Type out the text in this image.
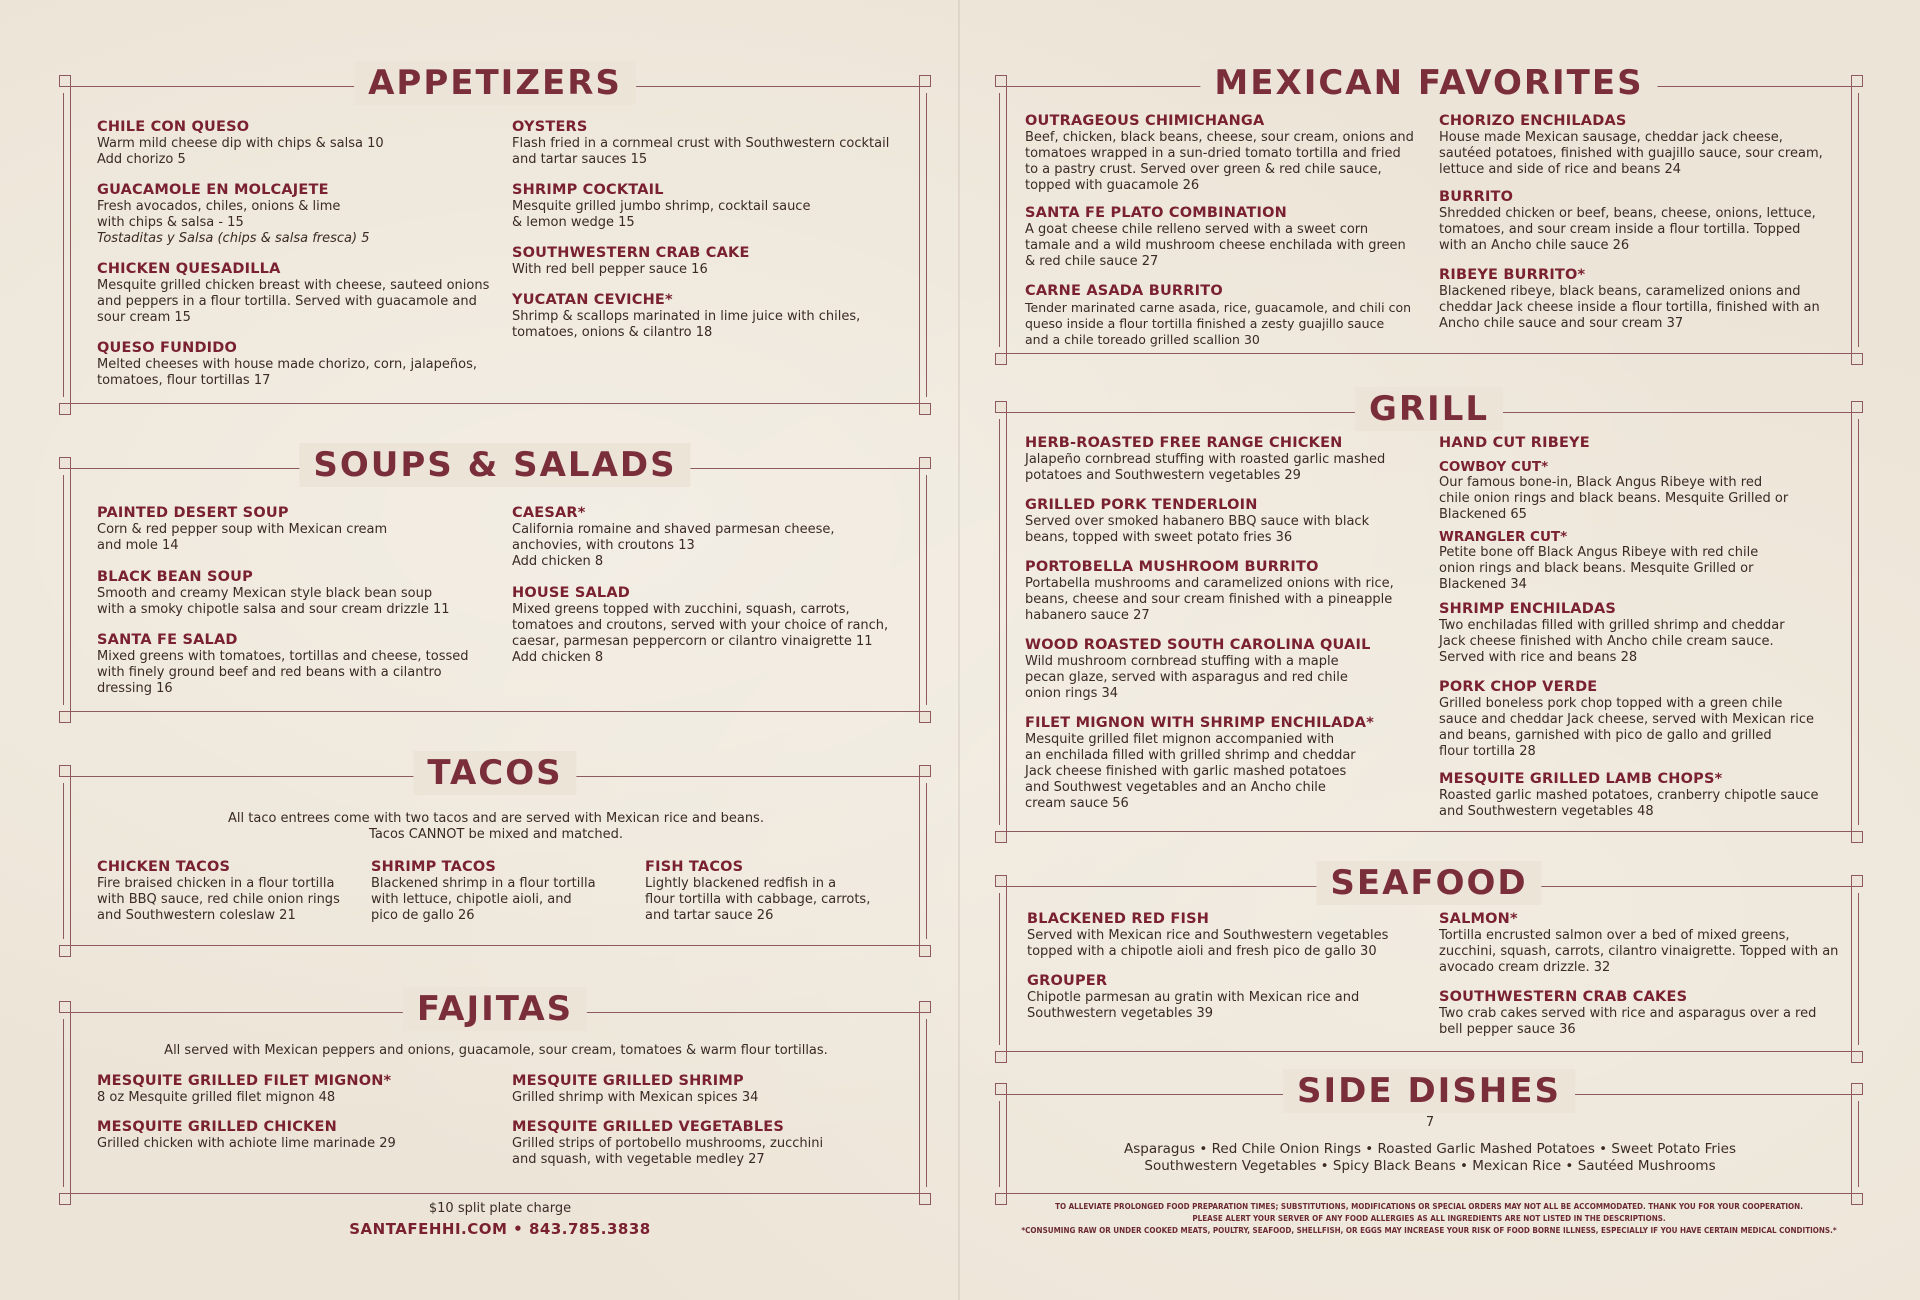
APPETIZERS
CHILE CON QUESO
Warm mild cheese dip with chips & salsa 10
Add chorizo 5
GUACAMOLE EN MOLCAJETE
Fresh avocados, chiles, onions & lime
with chips & salsa - 15
Tostaditas y Salsa (chips & salsa fresca) 5
CHICKEN QUESADILLA
Mesquite grilled chicken breast with cheese, sauteed onions
and peppers in a flour tortilla. Served with guacamole and
sour cream 15
QUESO FUNDIDO
Melted cheeses with house made chorizo, corn, jalapeños,
tomatoes, flour tortillas 17
OYSTERS
Flash fried in a cornmeal crust with Southwestern cocktail
and tartar sauces 15
SHRIMP COCKTAIL
Mesquite grilled jumbo shrimp, cocktail sauce
& lemon wedge 15
SOUTHWESTERN CRAB CAKE
With red bell pepper sauce 16
YUCATAN CEVICHE*
Shrimp & scallops marinated in lime juice with chiles,
tomatoes, onions & cilantro 18
SOUPS & SALADS
PAINTED DESERT SOUP
Corn & red pepper soup with Mexican cream
and mole 14
BLACK BEAN SOUP
Smooth and creamy Mexican style black bean soup
with a smoky chipotle salsa and sour cream drizzle 11
SANTA FE SALAD
Mixed greens with tomatoes, tortillas and cheese, tossed
with finely ground beef and red beans with a cilantro
dressing 16
CAESAR*
California romaine and shaved parmesan cheese,
anchovies, with croutons 13
Add chicken 8
HOUSE SALAD
Mixed greens topped with zucchini, squash, carrots,
tomatoes and croutons, served with your choice of ranch,
caesar, parmesan peppercorn or cilantro vinaigrette 11
Add chicken 8
TACOS
All taco entrees come with two tacos and are served with Mexican rice and beans.
Tacos CANNOT be mixed and matched.
CHICKEN TACOS
Fire braised chicken in a flour tortilla
with BBQ sauce, red chile onion rings
and Southwestern coleslaw 21
SHRIMP TACOS
Blackened shrimp in a flour tortilla
with lettuce, chipotle aioli, and
pico de gallo 26
FISH TACOS
Lightly blackened redfish in a
flour tortilla with cabbage, carrots,
and tartar sauce 26
FAJITAS
All served with Mexican peppers and onions, guacamole, sour cream, tomatoes & warm flour tortillas.
MESQUITE GRILLED FILET MIGNON*
8 oz Mesquite grilled filet mignon 48
MESQUITE GRILLED CHICKEN
Grilled chicken with achiote lime marinade 29
MESQUITE GRILLED SHRIMP
Grilled shrimp with Mexican spices 34
MESQUITE GRILLED VEGETABLES
Grilled strips of portobello mushrooms, zucchini
and squash, with vegetable medley 27
$10 split plate charge
SANTAFEHHI.COM • 843.785.3838
MEXICAN FAVORITES
OUTRAGEOUS CHIMICHANGA
Beef, chicken, black beans, cheese, sour cream, onions and
tomatoes wrapped in a sun-dried tomato tortilla and fried
to a pastry crust. Served over green & red chile sauce,
topped with guacamole 26
SANTA FE PLATO COMBINATION
A goat cheese chile relleno served with a sweet corn
tamale and a wild mushroom cheese enchilada with green
& red chile sauce 27
CARNE ASADA BURRITO
Tender marinated carne asada, rice, guacamole, and chili con
queso inside a flour tortilla finished a zesty guajillo sauce
and a chile toreado grilled scallion 30
CHORIZO ENCHILADAS
House made Mexican sausage, cheddar jack cheese,
sautéed potatoes, finished with guajillo sauce, sour cream,
lettuce and side of rice and beans 24
BURRITO
Shredded chicken or beef, beans, cheese, onions, lettuce,
tomatoes, and sour cream inside a flour tortilla. Topped
with an Ancho chile sauce 26
RIBEYE BURRITO*
Blackened ribeye, black beans, caramelized onions and
cheddar Jack cheese inside a flour tortilla, finished with an
Ancho chile sauce and sour cream 37
GRILL
HERB-ROASTED FREE RANGE CHICKEN
Jalapeño cornbread stuffing with roasted garlic mashed
potatoes and Southwestern vegetables 29
GRILLED PORK TENDERLOIN
Served over smoked habanero BBQ sauce with black
beans, topped with sweet potato fries 36
PORTOBELLA MUSHROOM BURRITO
Portabella mushrooms and caramelized onions with rice,
beans, cheese and sour cream finished with a pineapple
habanero sauce 27
WOOD ROASTED SOUTH CAROLINA QUAIL
Wild mushroom cornbread stuffing with a maple
pecan glaze, served with asparagus and red chile
onion rings 34
FILET MIGNON WITH SHRIMP ENCHILADA*
Mesquite grilled filet mignon accompanied with
an enchilada filled with grilled shrimp and cheddar
Jack cheese finished with garlic mashed potatoes
and Southwest vegetables and an Ancho chile
cream sauce 56
HAND CUT RIBEYE
COWBOY CUT*
Our famous bone-in, Black Angus Ribeye with red
chile onion rings and black beans. Mesquite Grilled or
Blackened 65
WRANGLER CUT*
Petite bone off Black Angus Ribeye with red chile
onion rings and black beans. Mesquite Grilled or
Blackened 34
SHRIMP ENCHILADAS
Two enchiladas filled with grilled shrimp and cheddar
Jack cheese finished with Ancho chile cream sauce.
Served with rice and beans 28
PORK CHOP VERDE
Grilled boneless pork chop topped with a green chile
sauce and cheddar Jack cheese, served with Mexican rice
and beans, garnished with pico de gallo and grilled
flour tortilla 28
MESQUITE GRILLED LAMB CHOPS*
Roasted garlic mashed potatoes, cranberry chipotle sauce
and Southwestern vegetables 48
SEAFOOD
BLACKENED RED FISH
Served with Mexican rice and Southwestern vegetables
topped with a chipotle aioli and fresh pico de gallo 30
GROUPER
Chipotle parmesan au gratin with Mexican rice and
Southwestern vegetables 39
SALMON*
Tortilla encrusted salmon over a bed of mixed greens,
zucchini, squash, carrots, cilantro vinaigrette. Topped with an
avocado cream drizzle. 32
SOUTHWESTERN CRAB CAKES
Two crab cakes served with rice and asparagus over a red
bell pepper sauce 36
SIDE DISHES
7
Asparagus • Red Chile Onion Rings • Roasted Garlic Mashed Potatoes • Sweet Potato Fries
Southwestern Vegetables • Spicy Black Beans • Mexican Rice • Sautéed Mushrooms
TO ALLEVIATE PROLONGED FOOD PREPARATION TIMES; SUBSTITUTIONS, MODIFICATIONS OR SPECIAL ORDERS MAY NOT ALL BE ACCOMMODATED. THANK YOU FOR YOUR COOPERATION.
PLEASE ALERT YOUR SERVER OF ANY FOOD ALLERGIES AS ALL INGREDIENTS ARE NOT LISTED IN THE DESCRIPTIONS.
*CONSUMING RAW OR UNDER COOKED MEATS, POULTRY, SEAFOOD, SHELLFISH, OR EGGS MAY INCREASE YOUR RISK OF FOOD BORNE ILLNESS, ESPECIALLY IF YOU HAVE CERTAIN MEDICAL CONDITIONS.*
